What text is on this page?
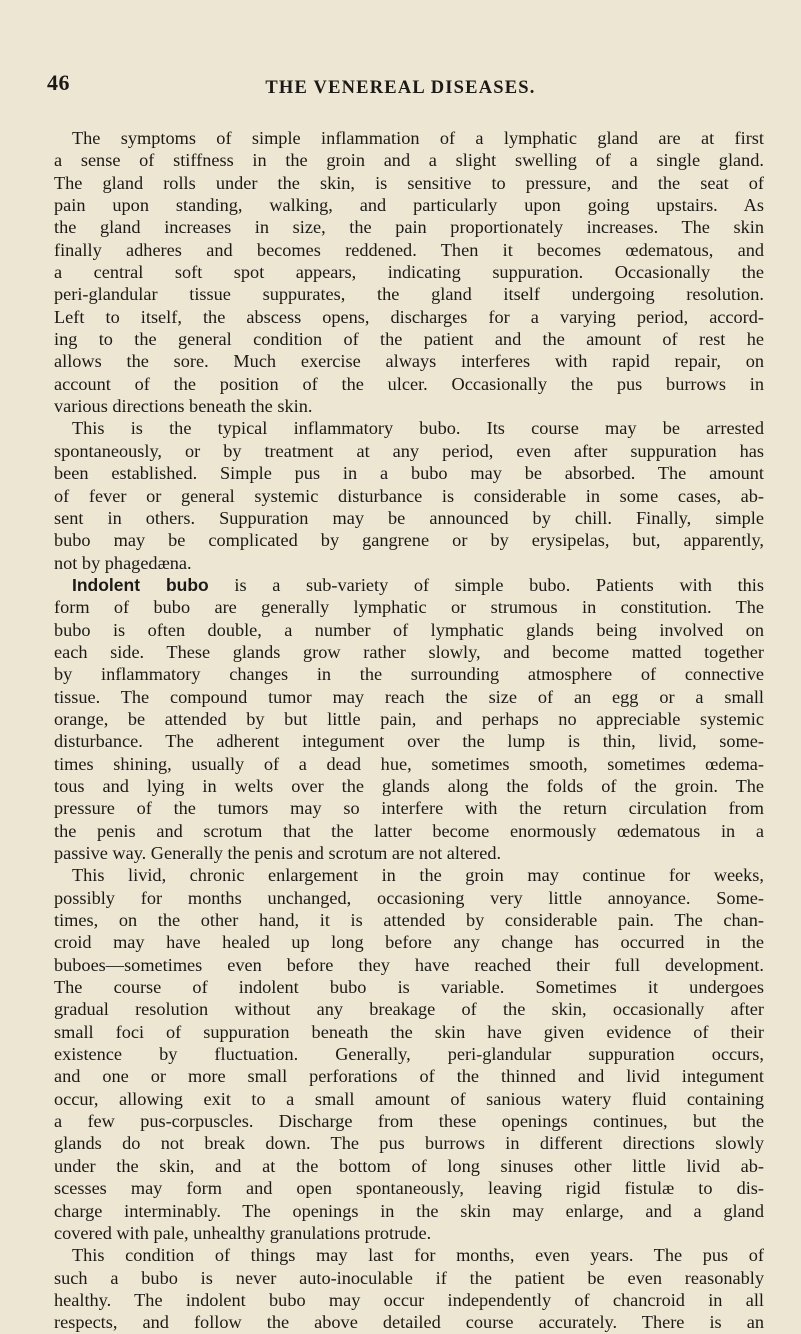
46	THE VENEREAL DISEASES.
The symptoms of simple inflammation of a lymphatic gland are at first
a sense of stiffness in the groin and a slight swelling of a single gland.
The gland rolls under the skin, is sensitive to pressure, and the seat of
pain upon standing, walking, and particularly upon going upstairs. As
the gland increases in size, the pain proportionately increases. The skin
finally adheres and becomes reddened. Then it becomes œdematous, and
a central soft spot appears, indicating suppuration. Occasionally the
peri-glandular tissue suppurates, the gland itself undergoing resolution.
Left to itself, the abscess opens, discharges for a varying period, accord-
ing to the general condition of the patient and the amount of rest he
allows the sore. Much exercise always interferes with rapid repair, on
account of the position of the ulcer. Occasionally the pus burrows in
various directions beneath the skin.
This is the typical inflammatory bubo. Its course may be arrested
spontaneously, or by treatment at any period, even after suppuration has
been established. Simple pus in a bubo may be absorbed. The amount
of fever or general systemic disturbance is considerable in some cases, ab-
sent in others. Suppuration may be announced by chill. Finally, simple
bubo may be complicated by gangrene or by erysipelas, but, apparently,
not by phagedæna.
Indolent bubo is a sub-variety of simple bubo. Patients with this
form of bubo are generally lymphatic or strumous in constitution. The
bubo is often double, a number of lymphatic glands being involved on
each side. These glands grow rather slowly, and become matted together
by inflammatory changes in the surrounding atmosphere of connective
tissue. The compound tumor may reach the size of an egg or a small
orange, be attended by but little pain, and perhaps no appreciable systemic
disturbance. The adherent integument over the lump is thin, livid, some-
times shining, usually of a dead hue, sometimes smooth, sometimes œdema-
tous and lying in welts over the glands along the folds of the groin. The
pressure of the tumors may so interfere with the return circulation from
the penis and scrotum that the latter become enormously œdematous in a
passive way. Generally the penis and scrotum are not altered.
This livid, chronic enlargement in the groin may continue for weeks,
possibly for months unchanged, occasioning very little annoyance. Some-
times, on the other hand, it is attended by considerable pain. The chan-
croid may have healed up long before any change has occurred in the
buboes—sometimes even before they have reached their full development.
The course of indolent bubo is variable. Sometimes it undergoes
gradual resolution without any breakage of the skin, occasionally after
small foci of suppuration beneath the skin have given evidence of their
existence by fluctuation. Generally, peri-glandular suppuration occurs,
and one or more small perforations of the thinned and livid integument
occur, allowing exit to a small amount of sanious watery fluid containing
a few pus-corpuscles. Discharge from these openings continues, but the
glands do not break down. The pus burrows in different directions slowly
under the skin, and at the bottom of long sinuses other little livid ab-
scesses may form and open spontaneously, leaving rigid fistulæ to dis-
charge interminably. The openings in the skin may enlarge, and a gland
covered with pale, unhealthy granulations protrude.
This condition of things may last for months, even years. The pus of
such a bubo is never auto-inoculable if the patient be even reasonably
healthy. The indolent bubo may occur independently of chancroid in all
respects, and follow the above detailed course accurately. There is an
